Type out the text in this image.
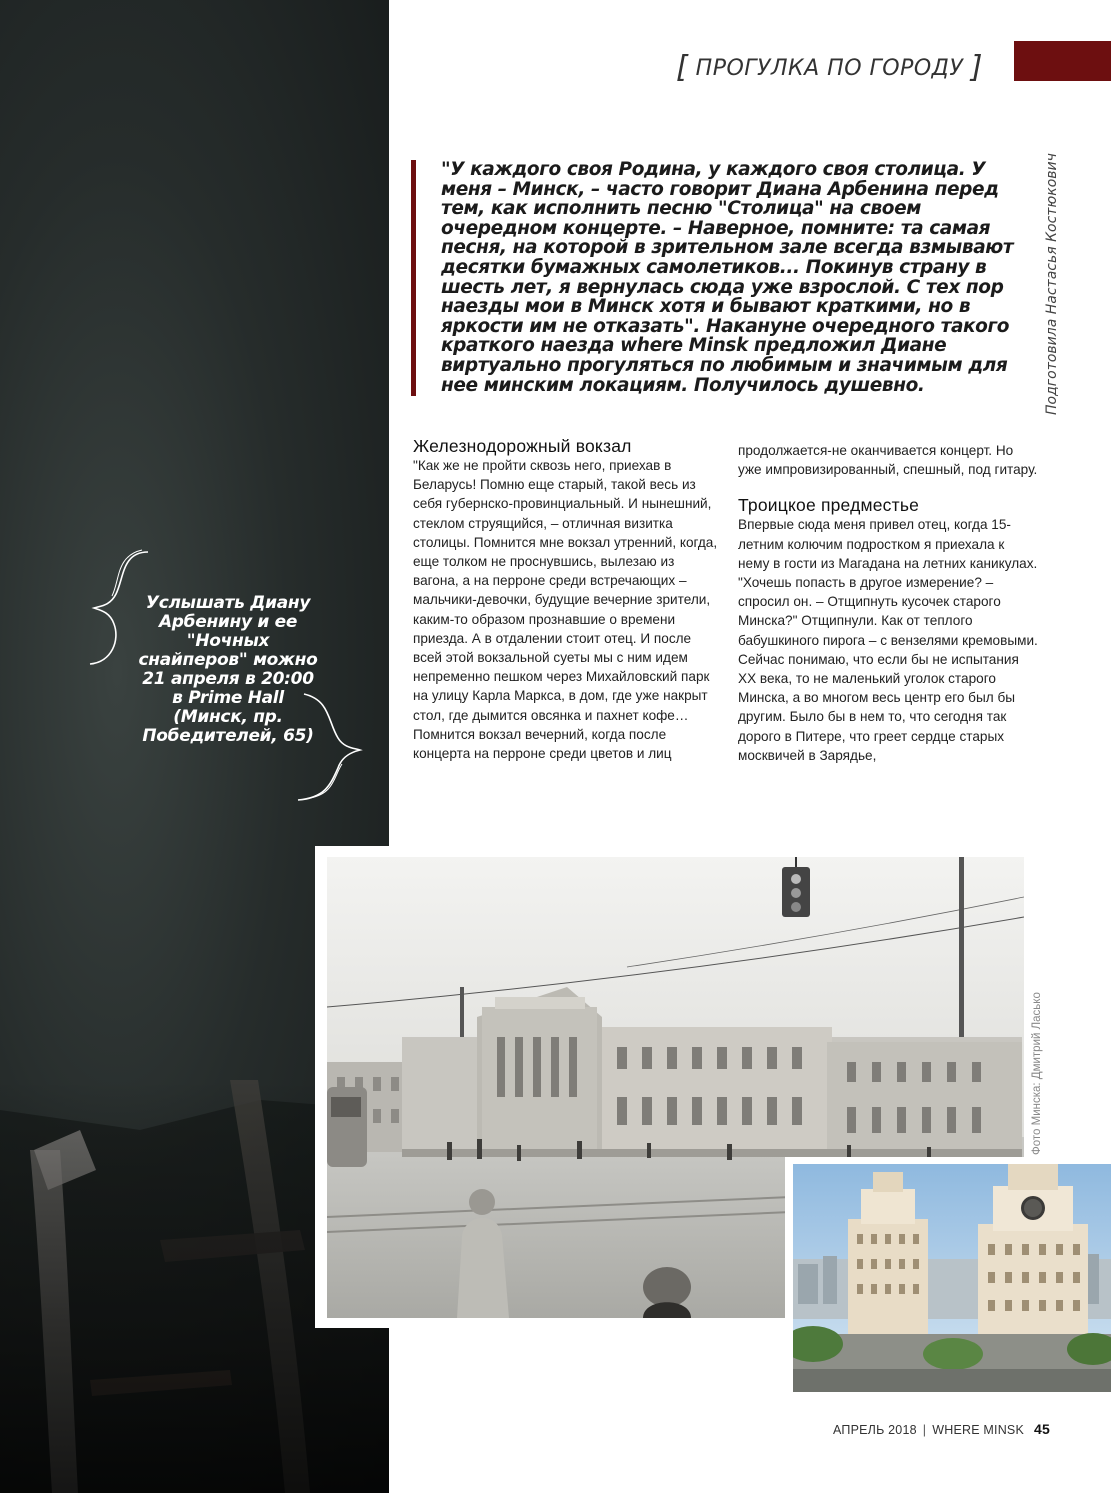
Услышать Диану Арбенину и ее "Ночных снайперов" можно 21 апреля в 20:00 в Prime Hall (Минск, пр. Победителей, 65)
[ ПРОГУЛКА ПО ГОРОДУ ]

"У каждого своя Родина, у каждого своя столица. У меня – Минск, – часто говорит Диана Арбенина перед тем, как исполнить песню "Столица" на своем очередном концерте. – Наверное, помните: та самая песня, на которой в зрительном зале всегда взмывают десятки бумажных самолетиков... Покинув страну в шесть лет, я вернулась сюда уже взрослой. С тех пор наезды мои в Минск хотя и бывают краткими, но в яркости им не отказать". Накануне очередного такого краткого наезда where Minsk предложил Диане виртуально прогуляться по любимым и значимым для нее минским локациям. Получилось душевно.	Подготовила Настасья Костюкович
Железнодорожный вокзал

"Как же не пройти сквозь него, приехав в Беларусь! Помню еще старый, такой весь из себя губернско-провинциальный. И нынешний, стеклом струящийся, – отличная визитка столицы. Помнится мне вокзал утренний, когда, еще толком не проснувшись, вылезаю из вагона, а на перроне среди встречающих – мальчики-девочки, будущие вечерние зрители, каким-то образом прознавшие о времени приезда. А в отдалении стоит отец. И после всей этой вокзальной суеты мы с ним идем непременно пешком через Михайловский парк на улицу Карла Маркса, в дом, где уже накрыт стол, где дымится овсянка и пахнет кофе… Помнится вокзал вечерний, когда после концерта на перроне среди цветов и лиц

продолжается-не оканчивается концерт. Но уже импровизированный, спешный, под гитару.

Троицкое предместье

Впервые сюда меня привел отец, когда 15-летним колючим подростком я приехала к нему в гости из Магадана на летних каникулах. "Хочешь попасть в другое измерение? – спросил он. – Отщипнуть кусочек старого Минска?" Отщипнули. Как от теплого бабушкиного пирога – с вензелями кремовыми. Сейчас понимаю, что если бы не испытания ХХ века, то не маленький уголок старого Минска, а во многом весь центр его был бы другим. Было бы в нем то, что сегодня так дорого в Питере, что греет сердце старых москвичей в Зарядье,

Фото Минска: Дмитрий Ласько
АПРЕЛЬ 2018 | WHERE MINSK 45
